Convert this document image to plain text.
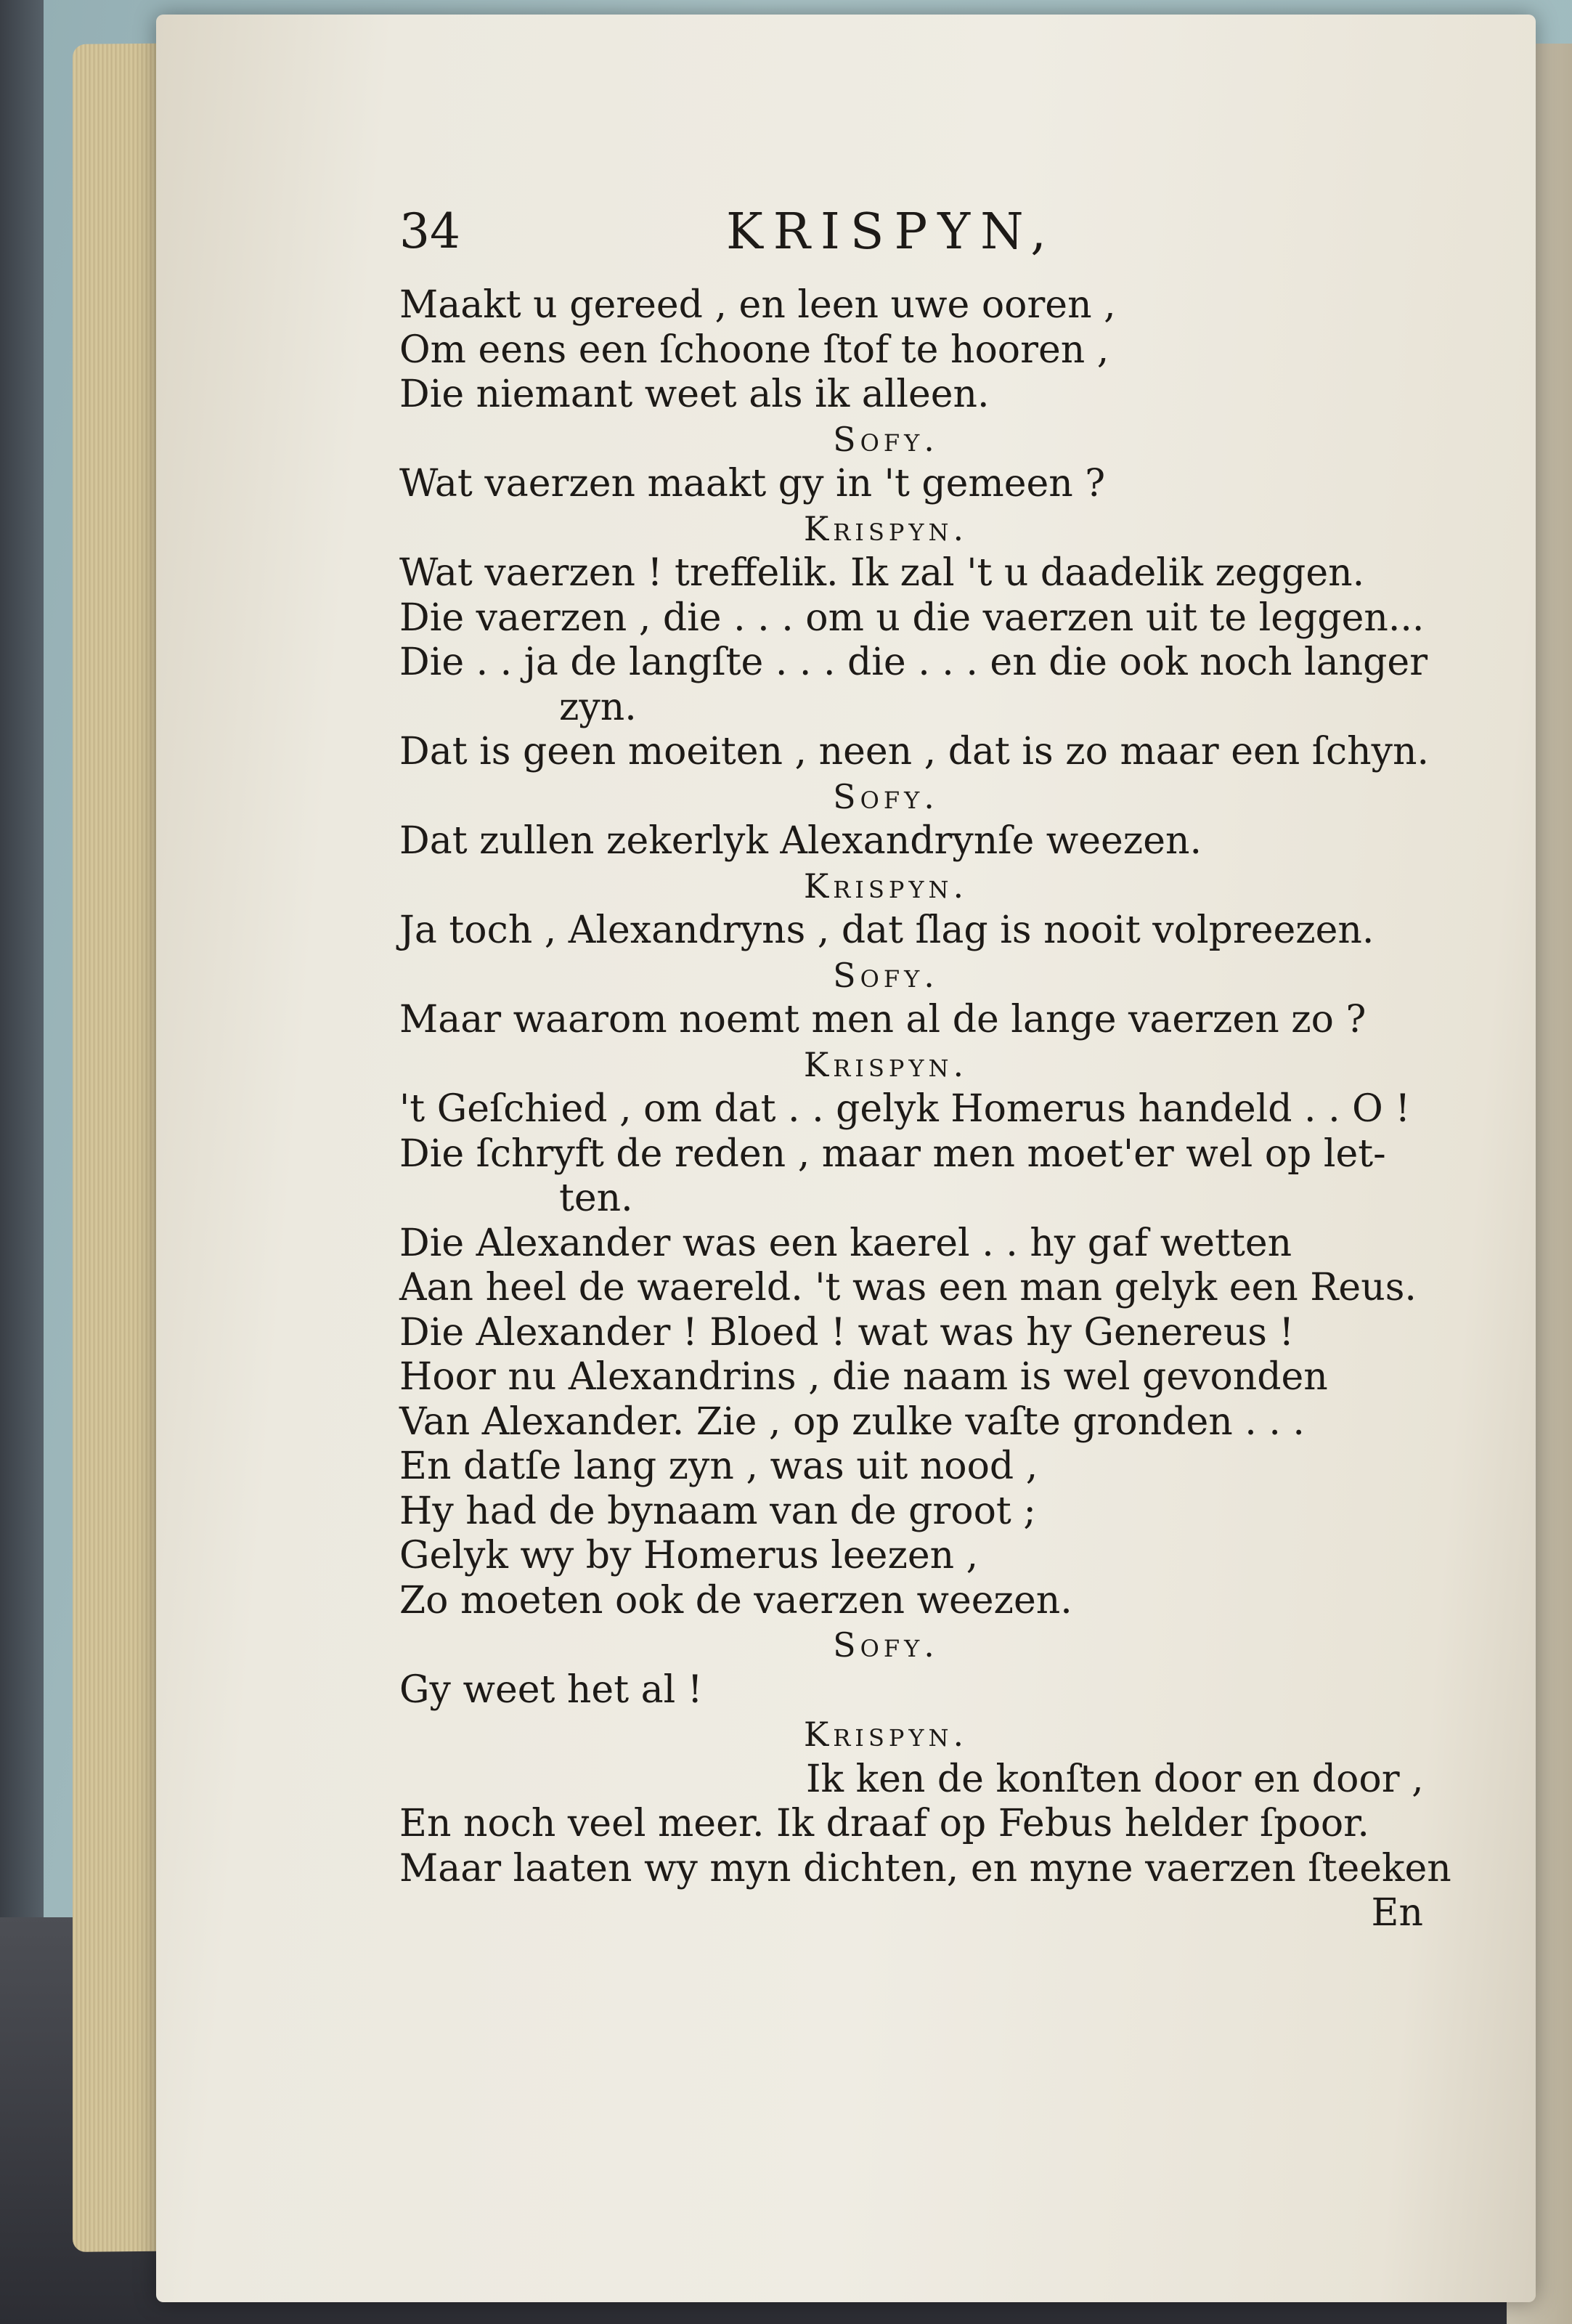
34	KRISPYN,
Maakt u gereed , en leen uwe ooren ,
Om eens een ſchoone ſtof te hooren ,
Die niemant weet als ik alleen.
Sofy.
Wat vaerzen maakt gy in 't gemeen ?
Krispyn.
Wat vaerzen ! treffelik. Ik zal 't u daadelik zeggen.
Die vaerzen , die . . . om u die vaerzen uit te leggen...
Die . . ja de langſte . . . die . . . en die ook noch langer
zyn.
Dat is geen moeiten , neen , dat is zo maar een ſchyn.
Sofy.
Dat zullen zekerlyk Alexandrynſe weezen.
Krispyn.
Ja toch , Alexandryns , dat ſlag is nooit volpreezen.
Sofy.
Maar waarom noemt men al de lange vaerzen zo ?
Krispyn.
't Geſchied , om dat . . gelyk Homerus handeld . . O !
Die ſchryft de reden , maar men moet'er wel op let-
ten.
Die Alexander was een kaerel . . hy gaf wetten
Aan heel de waereld. 't was een man gelyk een Reus.
Die Alexander ! Bloed ! wat was hy Genereus !
Hoor nu Alexandrins , die naam is wel gevonden
Van Alexander. Zie , op zulke vaſte gronden . . .
En datſe lang zyn , was uit nood ,
Hy had de bynaam van de groot ;
Gelyk wy by Homerus leezen ,
Zo moeten ook de vaerzen weezen.
Sofy.
Gy weet het al !
Krispyn.
Ik ken de konſten door en door ,
En noch veel meer. Ik draaf op Febus helder ſpoor.
Maar laaten wy myn dichten, en myne vaerzen ſteeken
En
